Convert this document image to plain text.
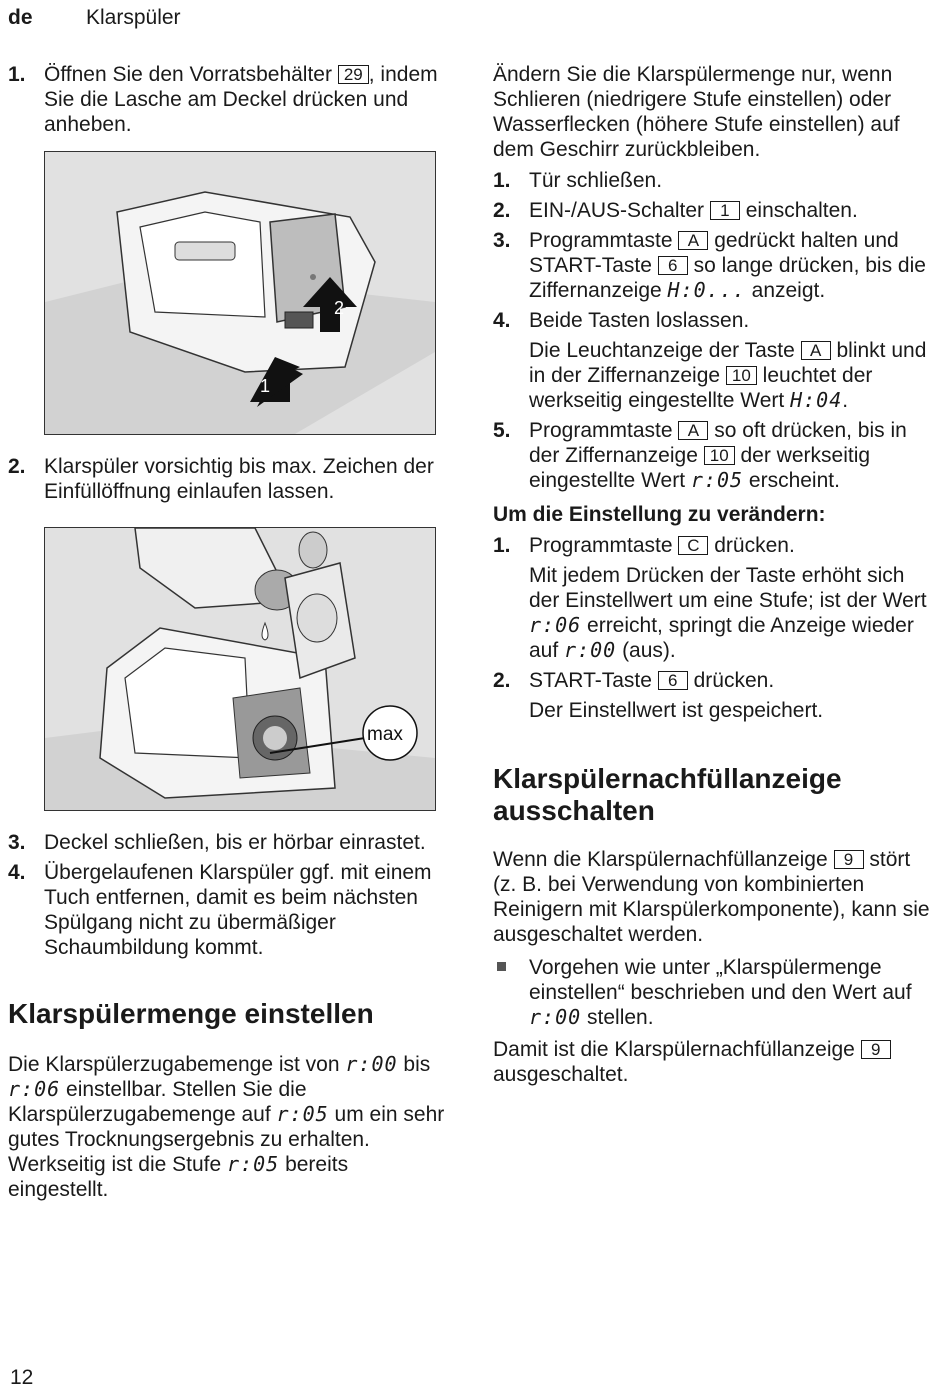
de	Klarspüler
1. Öffnen Sie den Vorratsbehälter 29 , indem Sie die Lasche am Deckel drücken und anheben.
2
1
2. Klarspüler vorsichtig bis max. Zeichen der Einfüllöffnung einlaufen lassen.
max
3. Deckel schließen, bis er hörbar einrastet.
4. Übergelaufenen Klarspüler ggf. mit einem Tuch entfernen, damit es beim nächsten Spülgang nicht zu übermäßiger Schaumbildung kommt.
Klarspülermenge einstellen
Die Klarspülerzugabemenge ist von r:00 bis r:06 einstellbar. Stellen Sie die Klarspülerzugabemenge auf r:05 um ein sehr gutes Trocknungsergebnis zu erhalten. Werkseitig ist die Stufe r:05 bereits eingestellt.
Ändern Sie die Klarspülermenge nur, wenn Schlieren (niedrigere Stufe einstellen) oder Wasserflecken (höhere Stufe einstellen) auf dem Geschirr zurückbleiben.
1. Tür schließen.
2. EIN-/AUS-Schalter 1 einschalten.
3. Programmtaste A gedrückt halten und START-Taste 6 so lange drücken, bis die Ziffernanzeige H:0... anzeigt.
4. Beide Tasten loslassen.
Die Leuchtanzeige der Taste A blinkt und in der Ziffernanzeige 10 leuchtet der werkseitig eingestellte Wert H:04.
5. Programmtaste A so oft drücken, bis in der Ziffernanzeige 10 der werkseitig eingestellte Wert r:05 erscheint.
Um die Einstellung zu verändern:
1. Programmtaste C drücken.
Mit jedem Drücken der Taste erhöht sich der Einstellwert um eine Stufe; ist der Wert r:06 erreicht, springt die Anzeige wieder auf r:00 (aus).
2. START-Taste 6 drücken.
Der Einstellwert ist gespeichert.
Klarspülernachfüllanzeige ausschalten
Wenn die Klarspülernachfüllanzeige 9 stört (z. B. bei Verwendung von kombinierten Reinigern mit Klarspülerkomponente), kann sie ausgeschaltet werden.
Vorgehen wie unter „Klarspülermenge einstellen“ beschrieben und den Wert auf r:00 stellen.
Damit ist die Klarspülernachfüllanzeige 9 ausgeschaltet.
12
